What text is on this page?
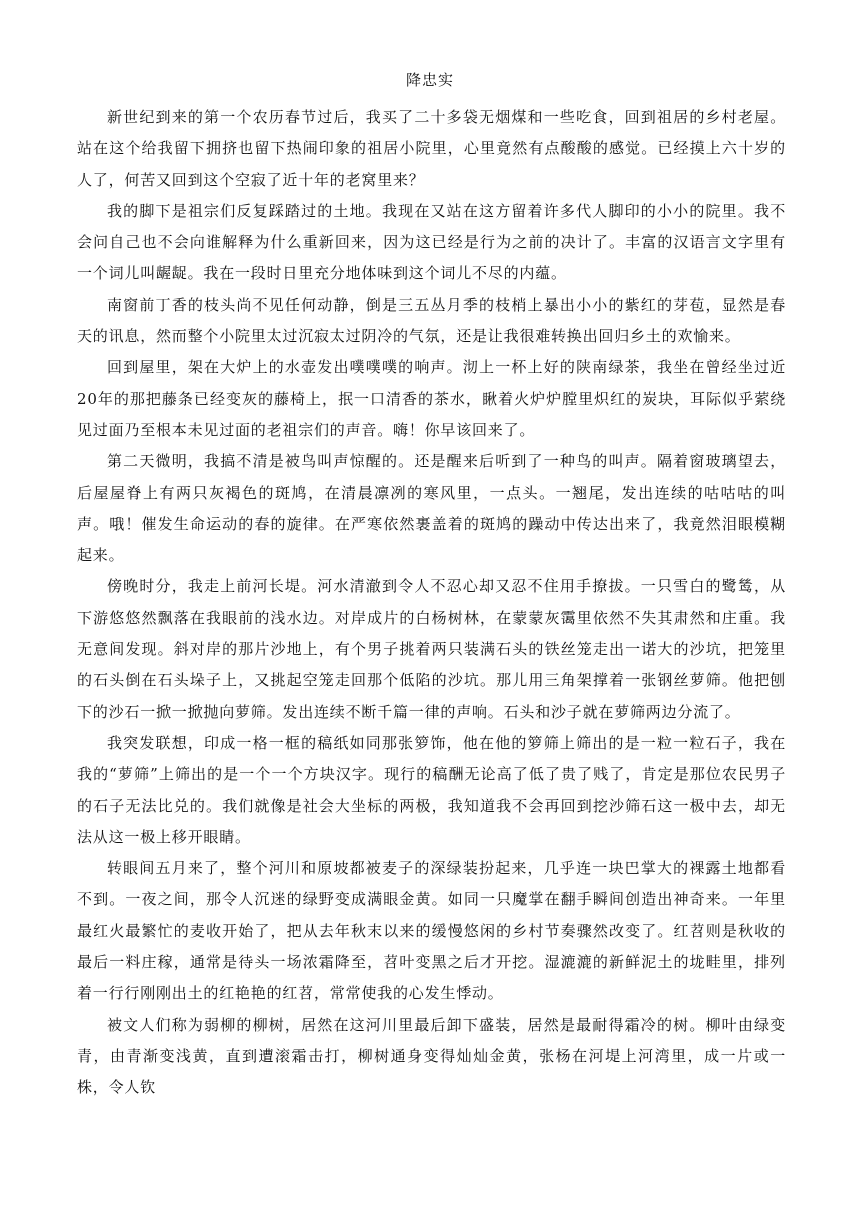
降忠实

新世纪到来的第一个农历春节过后，我买了二十多袋无烟煤和一些吃食，回到祖居的乡村老屋。站在这个给我留下拥挤也留下热闹印象的祖居小院里，心里竟然有点酸酸的感觉。已经摸上六十岁的人了，何苦又回到这个空寂了近十年的老窝里来？

我的脚下是祖宗们反复踩踏过的土地。我现在又站在这方留着许多代人脚印的小小的院里。我不会问自己也不会向谁解释为什么重新回来，因为这已经是行为之前的决计了。丰富的汉语言文字里有一个词儿叫龌龊。我在一段时日里充分地体味到这个词儿不尽的内蕴。

南窗前丁香的枝头尚不见任何动静，倒是三五丛月季的枝梢上暴出小小的紫红的芽苞，显然是春天的讯息，然而整个小院里太过沉寂太过阴冷的气氛，还是让我很难转换出回归乡土的欢愉来。

回到屋里，架在大炉上的水壶发出噗噗噗的响声。沏上一杯上好的陕南绿茶，我坐在曾经坐过近20年的那把藤条已经变灰的藤椅上，抿一口清香的茶水，瞅着火炉炉膛里炽红的炭块，耳际似乎萦绕见过面乃至根本未见过面的老祖宗们的声音。嗨！你早该回来了。

第二天微明，我搞不清是被鸟叫声惊醒的。还是醒来后听到了一种鸟的叫声。隔着窗玻璃望去，后屋屋脊上有两只灰褐色的斑鸠，在清晨凛冽的寒风里，一点头。一翘尾，发出连续的咕咕咕的叫声。哦！催发生命运动的春的旋律。在严寒依然裹盖着的斑鸠的躁动中传达出来了，我竟然泪眼模糊起来。

傍晚时分，我走上前河长堤。河水清澈到令人不忍心却又忍不住用手撩拔。一只雪白的鹭鸶，从下游悠悠然飘落在我眼前的浅水边。对岸成片的白杨树林，在蒙蒙灰霭里依然不失其肃然和庄重。我无意间发现。斜对岸的那片沙地上，有个男子挑着两只装满石头的铁丝笼走出一诺大的沙坑，把笼里的石头倒在石头垛子上，又挑起空笼走回那个低陷的沙坑。那儿用三角架撑着一张钢丝萝筛。他把刨下的沙石一掀一掀抛向萝筛。发出连续不断千篇一律的声响。石头和沙子就在萝筛两边分流了。

我突发联想，印成一格一框的稿纸如同那张箩饰，他在他的箩筛上筛出的是一粒一粒石子，我在我的“萝筛”上筛出的是一个一个方块汉字。现行的稿酬无论高了低了贵了贱了，肯定是那位农民男子的石子无法比兑的。我们就像是社会大坐标的两极，我知道我不会再回到挖沙筛石这一极中去，却无法从这一极上移开眼睛。

转眼间五月来了，整个河川和原坡都被麦子的深绿装扮起来，几乎连一块巴掌大的裸露土地都看不到。一夜之间，那令人沉迷的绿野变成满眼金黄。如同一只魔掌在翻手瞬间创造出神奇来。一年里最红火最繁忙的麦收开始了，把从去年秋末以来的缓慢悠闲的乡村节奏骤然改变了。红苕则是秋收的最后一料庄稼，通常是待头一场浓霜降至，苕叶变黑之后才开挖。湿漉漉的新鲜泥土的垅畦里，排列着一行行刚刚出土的红艳艳的红苕，常常使我的心发生悸动。

被文人们称为弱柳的柳树，居然在这河川里最后卸下盛装，居然是最耐得霜冷的树。柳叶由绿变青，由青渐变浅黄，直到遭滚霜击打，柳树通身变得灿灿金黄，张杨在河堤上河湾里，成一片或一株，令人钦
